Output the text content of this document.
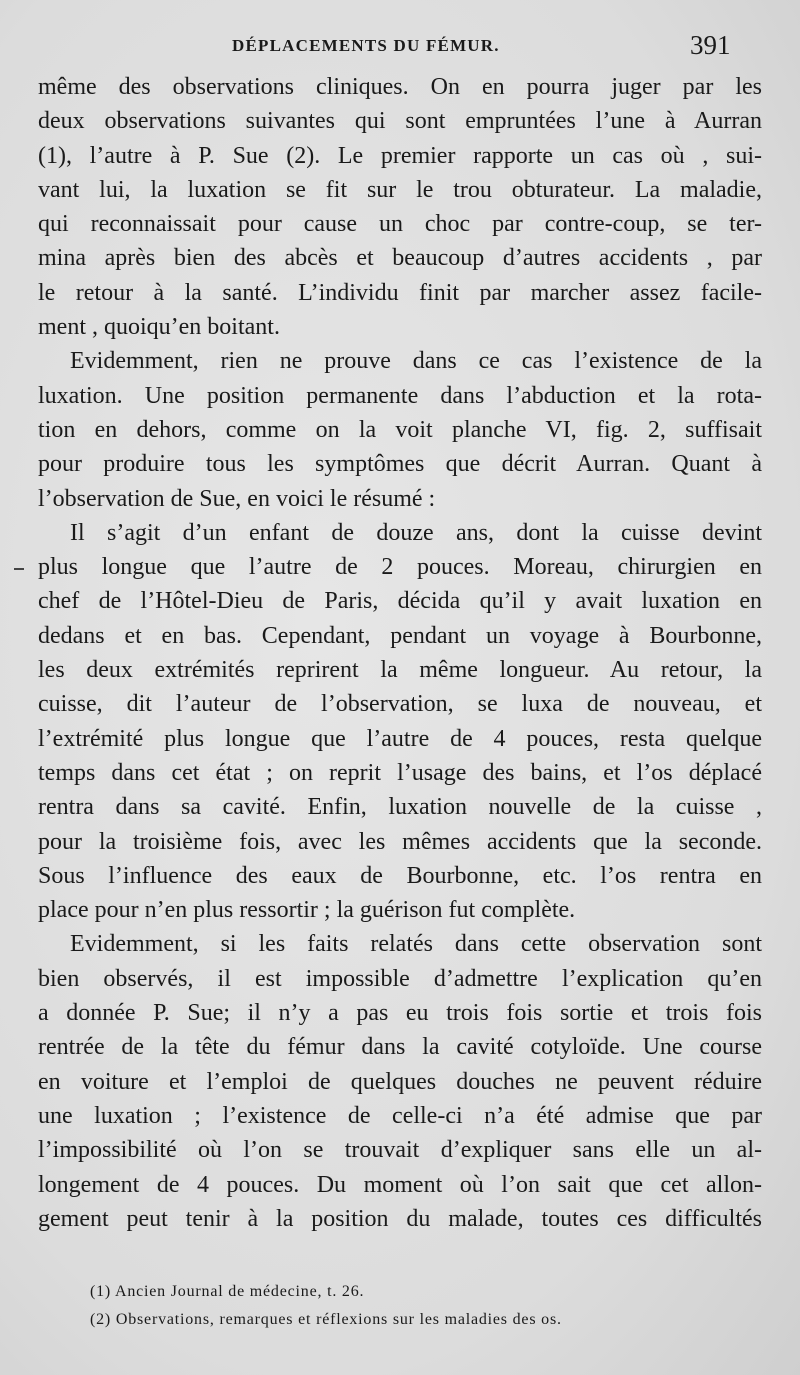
DÉPLACEMENTS DU FÉMUR.	391
même des observations cliniques. On en pourra juger par les
deux observations suivantes qui sont empruntées l’une à Aurran
(1), l’autre à P. Sue (2). Le premier rapporte un cas où , sui-
vant lui, la luxation se fit sur le trou obturateur. La maladie,
qui reconnaissait pour cause un choc par contre-coup, se ter-
mina après bien des abcès et beaucoup d’autres accidents , par
le retour à la santé. L’individu finit par marcher assez facile-
ment , quoiqu’en boitant.
Evidemment, rien ne prouve dans ce cas l’existence de la
luxation. Une position permanente dans l’abduction et la rota-
tion en dehors, comme on la voit planche VI, fig. 2, suffisait
pour produire tous les symptômes que décrit Aurran. Quant à
l’observation de Sue, en voici le résumé :
Il s’agit d’un enfant de douze ans, dont la cuisse devint
plus longue que l’autre de 2 pouces. Moreau, chirurgien en
chef de l’Hôtel-Dieu de Paris, décida qu’il y avait luxation en
dedans et en bas. Cependant, pendant un voyage à Bourbonne,
les deux extrémités reprirent la même longueur. Au retour, la
cuisse, dit l’auteur de l’observation, se luxa de nouveau, et
l’extrémité plus longue que l’autre de 4 pouces, resta quelque
temps dans cet état ; on reprit l’usage des bains, et l’os déplacé
rentra dans sa cavité. Enfin, luxation nouvelle de la cuisse ,
pour la troisième fois, avec les mêmes accidents que la seconde.
Sous l’influence des eaux de Bourbonne, etc. l’os rentra en
place pour n’en plus ressortir ; la guérison fut complète.
Evidemment, si les faits relatés dans cette observation sont
bien observés, il est impossible d’admettre l’explication qu’en
a donnée P. Sue; il n’y a pas eu trois fois sortie et trois fois
rentrée de la tête du fémur dans la cavité cotyloïde. Une course
en voiture et l’emploi de quelques douches ne peuvent réduire
une luxation ; l’existence de celle-ci n’a été admise que par
l’impossibilité où l’on se trouvait d’expliquer sans elle un al-
longement de 4 pouces. Du moment où l’on sait que cet allon-
gement peut tenir à la position du malade, toutes ces difficultés
(1) Ancien Journal de médecine, t. 26.
(2) Observations, remarques et réflexions sur les maladies des os.
